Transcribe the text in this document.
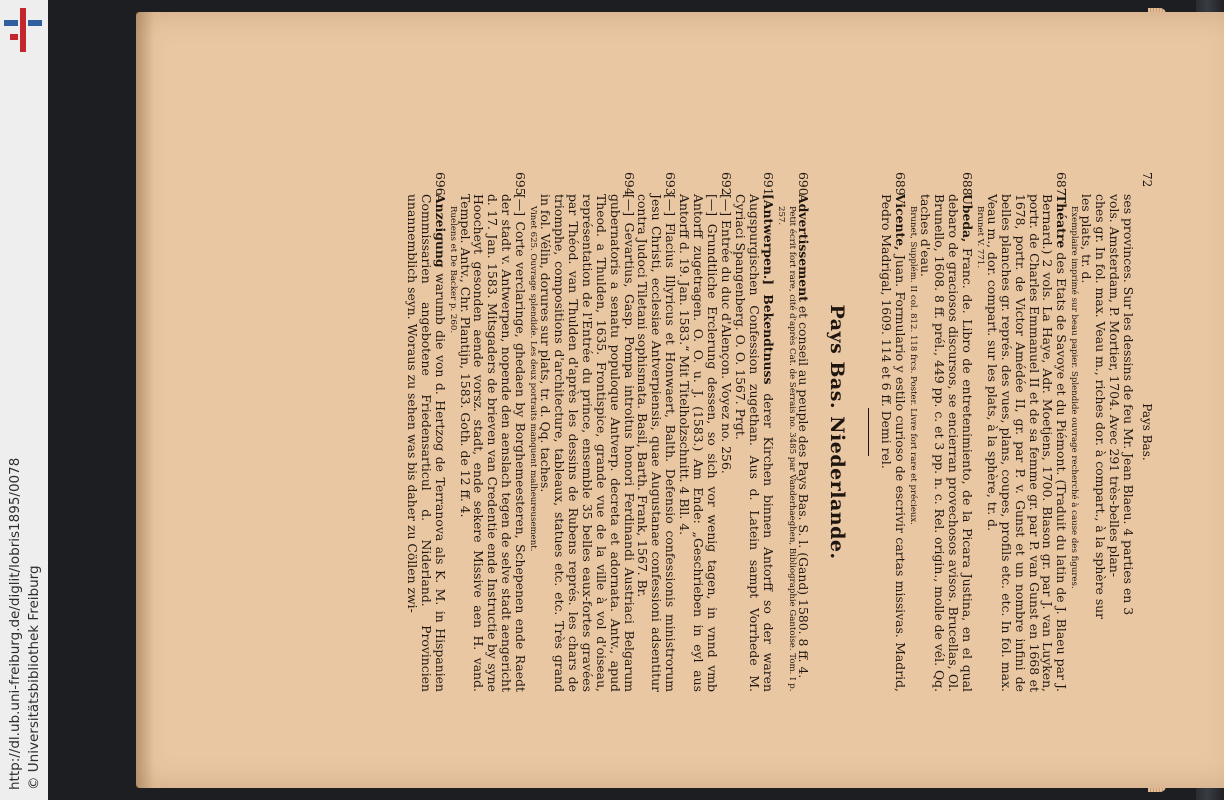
http://dl.ub.uni-freiburg.de/diglit/lobris1895/0078
© Universitätsbibliothek Freiburg
72
Pays Bas.

ses provinces. Sur les dessins de feu Mr. Jean Blaeu. 4 parties en 3

vols. Amsterdam, P. Mortier, 1704. Avec 291 très-belles plan-

ches gr. In fol. max. Veau m., riches dor. à compart., à la sphère sur

les plats, tr. d.

Exemplaire imprimé sur beau papier. Splendide ouvrage recherché à cause des figures.

687

Théatre des Etats de Savoye et du Piémont. (Traduit du latin de J. Blaeu par J. Bernard.) 2 vols. La Haye, Adr. Moetjens, 1700. Blason gr. par J. van Luyken, portr. de Charles Emmanuel II et de sa femme gr. par P. van Gunst en 1668 et 1678, portr. de Victor Amédée II, gr. par P. v. Gunst et un nombre infini de belles planches gr. représ. des vues, plans, coupes, profils etc. etc. In fol. max. Veau m., dor. compart. sur les plats, à la sphère, tr. d.

Brunet V. 771.

688

Ubeda, Franc. de. Libro de entretenimiento, de la Picara Justina, en el qual debaro de graciosos discursos, se encierran provechosos avisos. Brucellas, Ol. Brunello, 1608. 8 ff. prél., 449 pp. c. et 3 pp. n. c. Rel. origin., molle de vél. Qq. taches d'eau.

Brunet, Supplém. II col. 812. 118 frcs. Poster. Livre fort rare et précieux.

689

Vicente, Juan. Formulario y estilo curioso de escrivir cartas missivas. Madrid, Pedro Madrigal, 1609. 114 et 6 ff. Demi rel.

Pays Bas. Niederlande.
690

Advertissement et conseil au peuple des Pays Bas. S. l. (Gand) 1580. 8 ff. 4.

Petit écrit fort rare, cité d'après Cat. de Serrais no. 3485 par Vanderhaeghen, Bibliographie Gantoise. Tom. I p. 257.

691

[Antwerpen.] Bekendtnuss derer Kirchen binnen Antorff so der waren Augspurgischen Confession zugethan. Aus d. Latein sampt Vorrhede M. Cyriaci Spangenberg. O. O. 1567. Prgt.

692

[—] Entrée du duc d'Alençon. Voyez no. 256.

[—] Grundtliche Erclerung dessen, so sich vor wenig tagen, in vnnd vmb Antorff zugetragen. O. O. u. J. (1583.) Am Ende: „Geschrieben in eyl aus Antorff d. 19. Jan. 1583.“ Mit Titelholzschnitt. 4 Bll. 4.

693

[—] Flacius Illyricus et Honwaert, Balth. Defensio confessionis ministrorum Jesu Christi, ecclesiae Antverpiensis, quae Augustanae confessioni adsentitur contra Judoci Tiletani sophismata. Basil, Barth. Frank, 1567. Br.

694

[—] Gevartius, Gasp. Pompa introitus honori Ferdinandi Austriaci Belgarum gubernatoris a senatu populoque Antverp. decreta et adornata. Antv., apud Theod. a Thulden, 1635. Frontispice, grande vue de la ville à vol d'oiseau, représentation de l'Entrée du prince, ensemble 35 belles eaux-fortes gravées par Théod. van Thulden d'après les dessins de Rubens représ. les chars de triomphe, compositions d'architecture, tableaux, statues etc. etc. Très grand in fol. Vélin, dorures sur plats, tr. d. Qq. taches.

Vinet 625. Ouvrage splendide. Les deux portraits manquent malheureusement.

695

[—] Corte verclaringe, ghedaen by Borghemeesteren, Schepenen ende Raedt der stadt v. Antwerpen, nopende den aenslach tegen de selve stadt aengericht d. 17. Jan. 1583. Mitsgaders de brieven van Credentie ende Instructie by syne Hoocheyt gesonden aende vorsz. stadt, ende sekere Missive aen H. vand. Tempel. Antv., Chr. Plantijn, 1583. Goth. de 12 ff. 4.

Ruelens et De Backer p. 260.

696

Anzeigung warumb die von d. Hertzog de Terranova als K. M. in Hispanien Commissarien angebotene Friedensarticul d. Niderland. Provincien unannemblich seyn. Woraus zu sehen was bis daher zu Cöllen zwi-
